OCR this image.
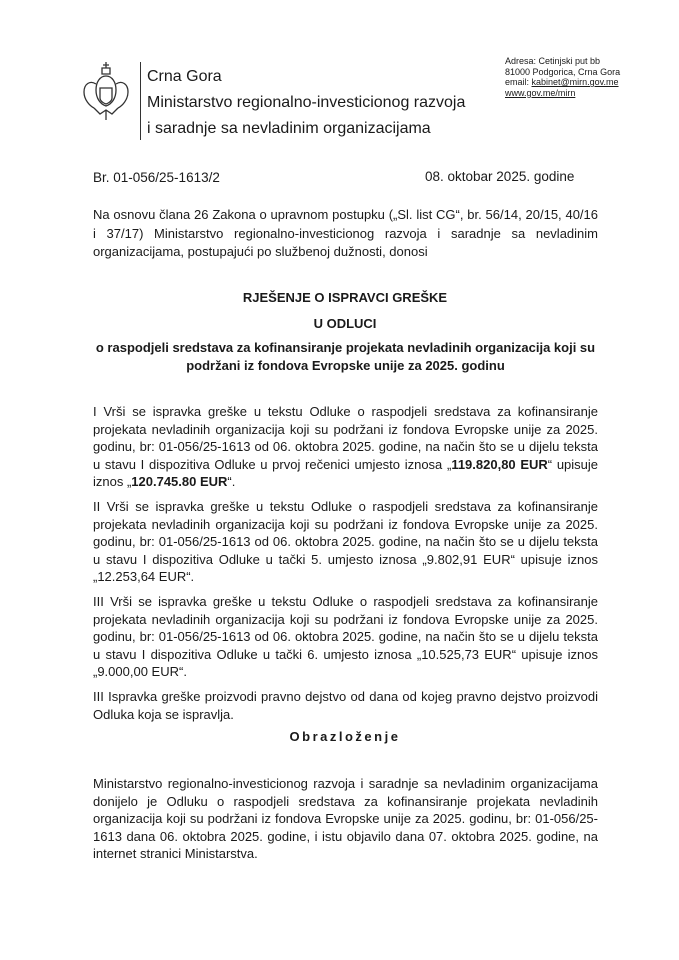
Crna Gora
Ministarstvo regionalno-investicionog razvoja
i saradnje sa nevladinim organizacijama
Adresa: Cetinjski put bb
81000 Podgorica, Crna Gora
email: kabinet@mirn.gov.me
www.gov.me/mirn
Br. 01-056/25-1613/2	08. oktobar 2025. godine
Na osnovu člana 26 Zakona o upravnom postupku („Sl. list CG“, br. 56/14, 20/15, 40/16 i 37/17) Ministarstvo regionalno-investicionog razvoja i saradnje sa nevladinim organizacijama, postupajući po službenoj dužnosti, donosi
RJEŠENJE O ISPRAVCI GREŠKE
U ODLUCI
o raspodjeli sredstava za kofinansiranje projekata nevladinih organizacija koji su podržani iz fondova Evropske unije za 2025. godinu

I Vrši se ispravka greške u tekstu Odluke o raspodjeli sredstava za kofinansiranje projekata nevladinih organizacija koji su podržani iz fondova Evropske unije za 2025. godinu, br: 01-056/25-1613 od 06. oktobra 2025. godine, na način što se u dijelu teksta u stavu I dispozitiva Odluke u prvoj rečenici umjesto iznosa „119.820,80 EUR“ upisuje iznos „120.745.80 EUR“.

II Vrši se ispravka greške u tekstu Odluke o raspodjeli sredstava za kofinansiranje projekata nevladinih organizacija koji su podržani iz fondova Evropske unije za 2025. godinu, br: 01-056/25-1613 od 06. oktobra 2025. godine, na način što se u dijelu teksta u stavu I dispozitiva Odluke u tački 5. umjesto iznosa „9.802,91 EUR“ upisuje iznos „12.253,64 EUR“.

III Vrši se ispravka greške u tekstu Odluke o raspodjeli sredstava za kofinansiranje projekata nevladinih organizacija koji su podržani iz fondova Evropske unije za 2025. godinu, br: 01-056/25-1613 od 06. oktobra 2025. godine, na način što se u dijelu teksta u stavu I dispozitiva Odluke u tački 6. umjesto iznosa „10.525,73 EUR“ upisuje iznos „9.000,00 EUR“.

III Ispravka greške proizvodi pravno dejstvo od dana od kojeg pravno dejstvo proizvodi Odluka koja se ispravlja.

Obrazloženje
Ministarstvo regionalno-investicionog razvoja i saradnje sa nevladinim organizacijama donijelo je Odluku o raspodjeli sredstava za kofinansiranje projekata nevladinih organizacija koji su podržani iz fondova Evropske unije za 2025. godinu, br: 01-056/25-1613 dana 06. oktobra 2025. godine, i istu objavilo dana 07. oktobra 2025. godine, na internet stranici Ministarstva.
